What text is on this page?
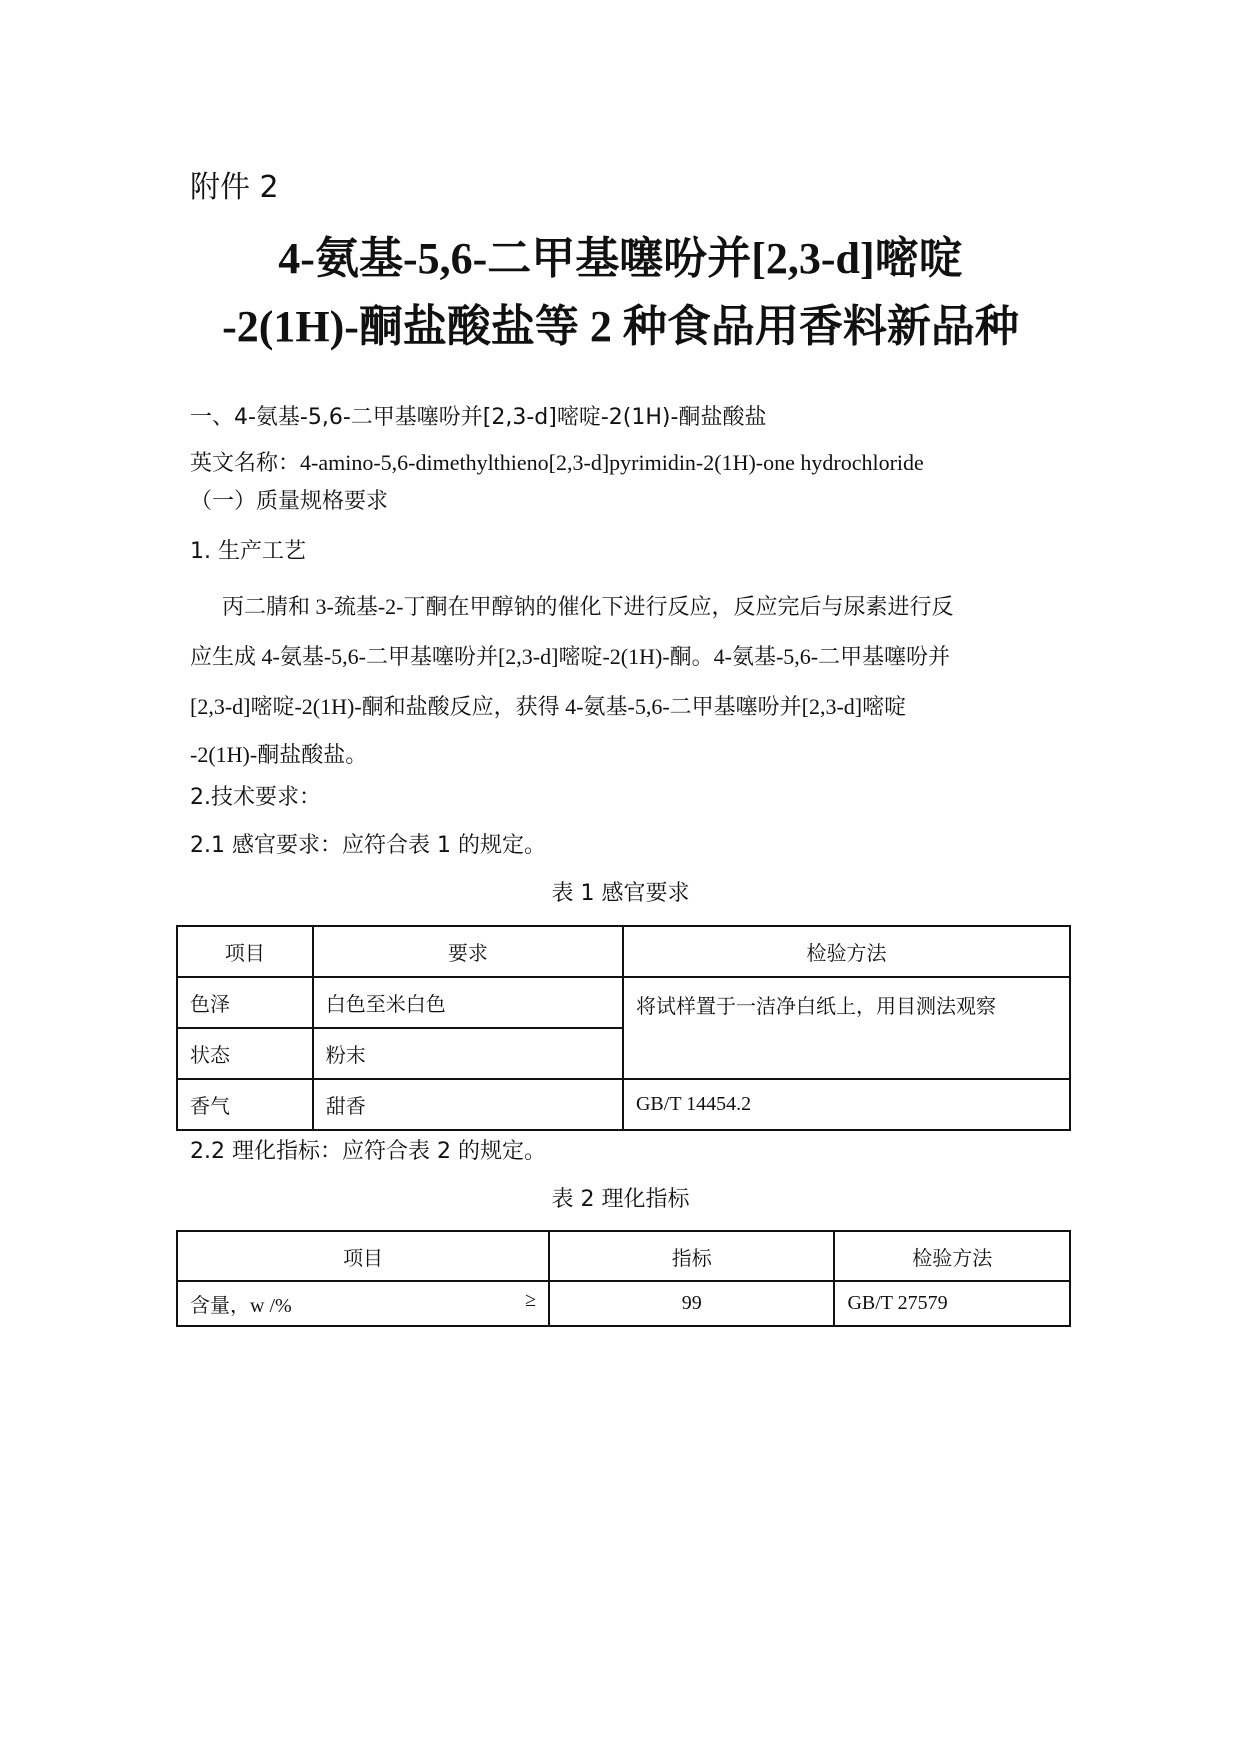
附件 2
4-氨基-5,6-二甲基噻吩并[2,3-d]嘧啶
-2(1H)-酮盐酸盐等 2 种食品用香料新品种
一、4-氨基-5,6-二甲基噻吩并[2,3-d]嘧啶-2(1H)-酮盐酸盐
英文名称：4-amino-5,6-dimethylthieno[2,3-d]pyrimidin-2(1H)-one hydrochloride
（一）质量规格要求
1. 生产工艺
丙二腈和 3-巯基-2-丁酮在甲醇钠的催化下进行反应，反应完后与尿素进行反
应生成 4-氨基-5,6-二甲基噻吩并[2,3-d]嘧啶-2(1H)-酮。4-氨基-5,6-二甲基噻吩并
[2,3-d]嘧啶-2(1H)-酮和盐酸反应，获得 4-氨基-5,6-二甲基噻吩并[2,3-d]嘧啶
-2(1H)-酮盐酸盐。
2.技术要求：
2.1 感官要求：应符合表 1 的规定。
表 1 感官要求
项目	要求	检验方法
色泽	白色至米白色	将试样置于一洁净白纸上，用目测法观察
状态	粉末	
香气	甜香	GB/T 14454.2
2.2 理化指标：应符合表 2 的规定。
表 2 理化指标
项目	指标	检验方法
含量，w /% ≥	99	GB/T 27579
